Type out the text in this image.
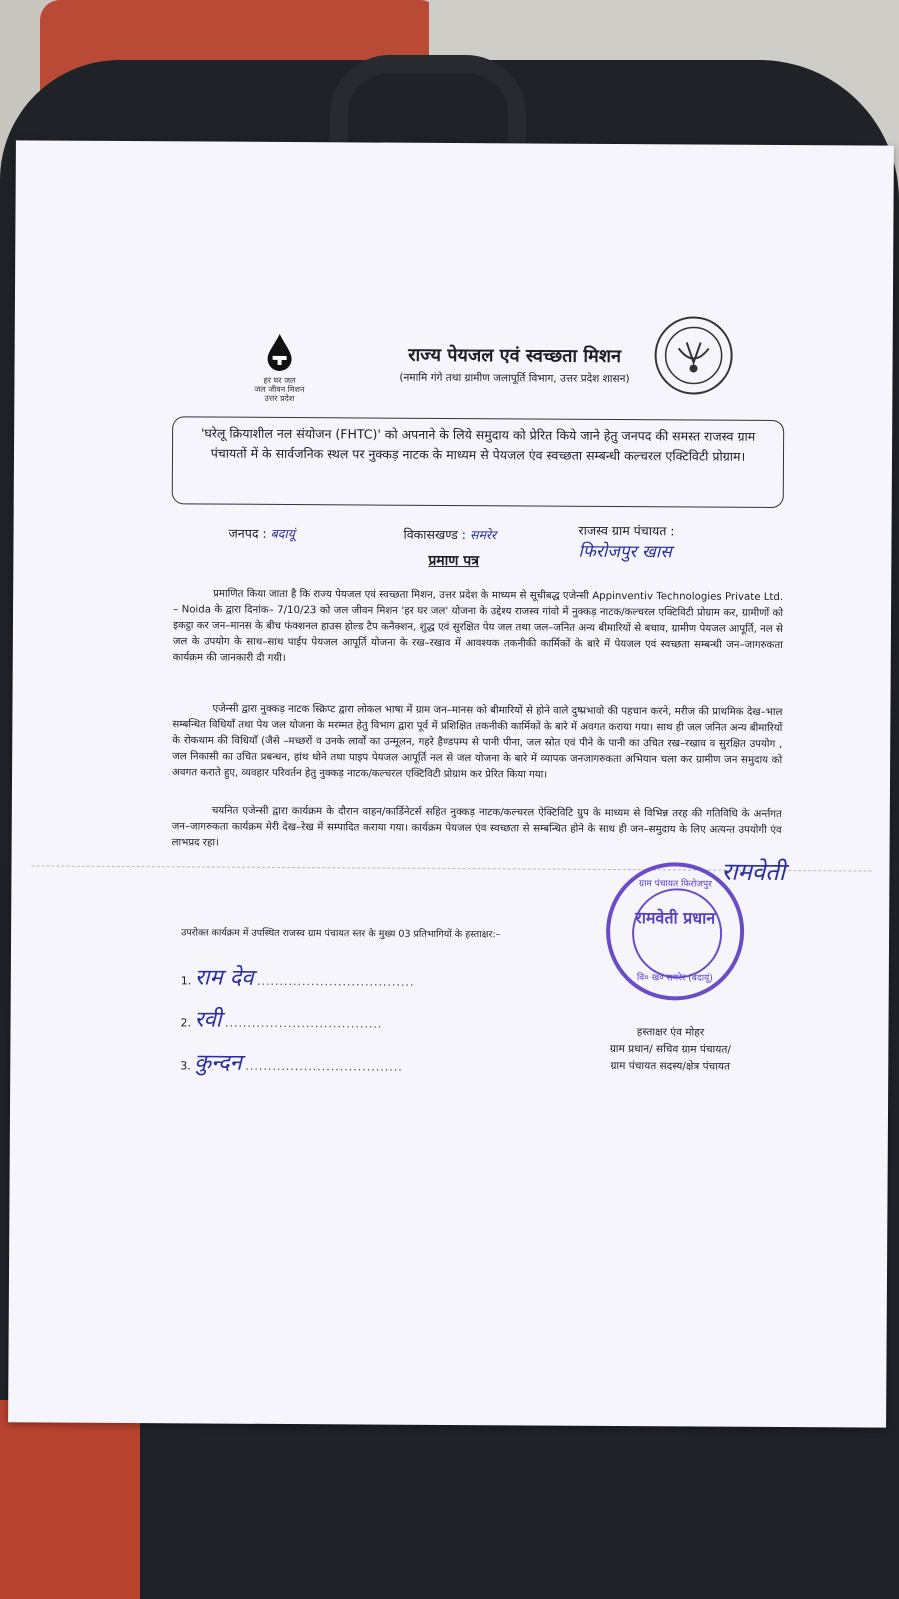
हर घर जल
जल जीवन मिशन
उत्तर प्रदेश
राज्य पेयजल एवं स्वच्छता मिशन
(नमामि गंगे तथा ग्रामीण जलापूर्ति विभाग, उत्तर प्रदेश शासन)

'घरेलू क्रियाशील नल संयोजन (FHTC)' को अपनाने के लिये समुदाय को प्रेरित किये जाने हेतु जनपद की समस्त राजस्व ग्राम पंचायतों में के सार्वजनिक स्थल पर नुक्कड़ नाटक के माध्यम से पेयजल एंव स्वच्छता सम्बन्धी कल्चरल एक्टिविटी प्रोग्राम।

जनपद : बदायूं	विकासखण्ड : समरेर	राजस्व ग्राम पंचायत :
फिरोजपुर खास
प्रमाण पत्र
प्रमाणित किया जाता है कि राज्य पेयजल एवं स्वच्छता मिशन, उत्तर प्रदेश के माध्यम से सूचीबद्ध एजेन्सी Appinventiv Technologies Private Ltd. – Noida के द्वारा दिनांक– 7/10/23 को जल जीवन मिशन 'हर घर जल' योजना के उद्देश्य राजस्व गांवो में नुक्कड़ नाटक/कल्चरल एक्टिविटी प्रोग्राम कर, ग्रामीणों को इकट्ठा कर जन–मानस के बीच फंक्शनल हाउस होल्ड टैप कनैक्शन, शुद्ध एवं सुरक्षित पेय जल तथा जल–जनित अन्य बीमारियों से बचाव, ग्रामीण पेयजल आपूर्ति, नल से जल के उपयोग के साथ–साथ पाईप पेयजल आपूर्ति योजना के रख–रखाव में आवश्यक तकनीकी कार्मिकों के बारे में पेयजल एवं स्वच्छता सम्बन्धी जन–जागरुकता कार्यक्रम की जानकारी दी गयी।
एजेन्सी द्वारा नुक्कड़ नाटक स्क्रिप्ट द्वारा लोकल भाषा में ग्राम जन–मानस को बीमारियों से होने वाले दुष्प्रभावो की पहचान करने, मरीज की प्राथमिक देख–भाल सम्बन्धित विधियाँ तथा पेय जल योजना के मरम्मत हेतु विभाग द्वारा पूर्व में प्रशिक्षित तकनीकी कार्मिकों के बारे में अवगत कराया गया। साथ ही जल जनित अन्य बीमारियों के रोकथाम की विधियाँ (जैसे –मच्छरों व उनके लार्वों का उन्मूलन, गहरे हैण्डपम्प से पानी पीना, जल स्रोत एवं पीने के पानी का उचित रख–रखाव व सुरक्षित उपयोग , जल निकासी का उचित प्रबन्धन, हांथ धोने तथा पाइप पेयजल आपूर्ति नल से जल योजना के बारे में व्यापक जनजागरुकता अभियान चला कर ग्रामीण जन समुदाय को अवगत कराते हुए, व्यवहार परिवर्तन हेतु नुक्कड़ नाटक/कल्चरल एक्टिविटी प्रोग्राम कर प्रेरित किया गया।
चयनित एजेन्सी द्वारा कार्यक्रम के दौरान वाहन/कार्डिनेटर्स सहित नुक्कड़ नाटक/कल्चरल ऐक्टिविटि ग्रुप के माध्यम से विभिन्न तरह की गतिविधि के अर्न्तगत जन–जागरुकता कार्यक्रम मेरी देख–रेख में सम्पादित कराया गया। कार्यक्रम पेयजल एंव स्वच्छता से सम्बन्धित होने के साथ ही जन–समुदाय के लिए अत्यन्त उपयोगी एंव लाभप्रद रहा।
उपरोक्त कार्यक्रम में उपस्थित राजस्व ग्राम पंचायत स्तर के मुख्य 03 प्रतिभागियों के हस्ताक्षर:–
1. राम देव ...................................
2. रवी ...................................
3. कुन्दन ...................................
ग्राम पंचायत फिरोजपुर
रामवेती प्रधान
वि० ख० समरेर (बदायूं)
रामवेती
हस्ताक्षर एंव मोहर
ग्राम प्रधान/ सचिव ग्राम पंचायत/
ग्राम पंचायत सदस्य/क्षेत्र पंचायत
